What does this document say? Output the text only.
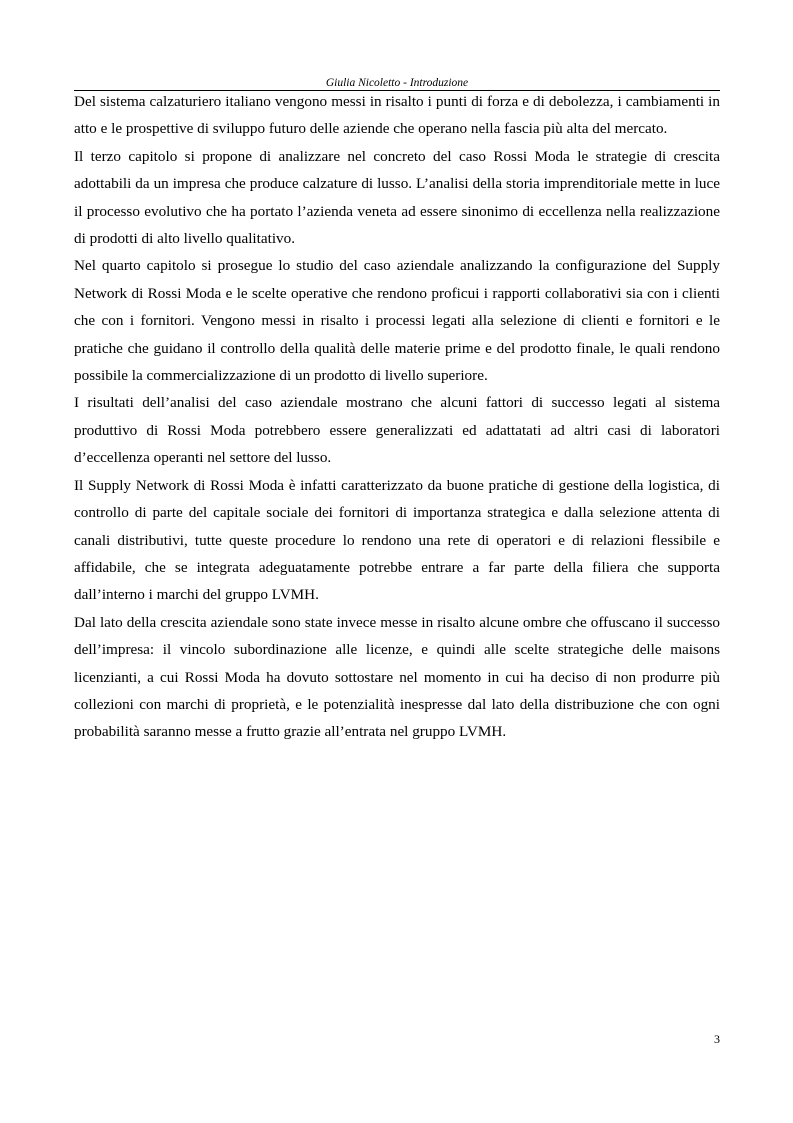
Giulia Nicoletto - Introduzione

Del sistema calzaturiero italiano vengono messi in risalto i punti di forza e di debolezza, i cambiamenti in atto e le prospettive di sviluppo futuro delle aziende che operano nella fascia più alta del mercato.

Il terzo capitolo si propone di analizzare nel concreto del caso Rossi Moda le strategie di crescita adottabili da un impresa che produce calzature di lusso. L’analisi della storia imprenditoriale mette in luce il processo evolutivo che ha portato l’azienda veneta ad essere sinonimo di eccellenza nella realizzazione di prodotti di alto livello qualitativo.

Nel quarto capitolo si prosegue lo studio del caso aziendale analizzando la configurazione del Supply Network di Rossi Moda e le scelte operative che rendono proficui i rapporti collaborativi sia con i clienti che con i fornitori. Vengono messi in risalto i processi legati alla selezione di clienti e fornitori e le pratiche che guidano il controllo della qualità delle materie prime e del prodotto finale, le quali rendono possibile la commercializzazione di un prodotto di livello superiore.

I risultati dell’analisi del caso aziendale mostrano che alcuni fattori di successo legati al sistema produttivo di Rossi Moda potrebbero essere generalizzati ed adattatati ad altri casi di laboratori d’eccellenza operanti nel settore del lusso.

Il Supply Network di Rossi Moda è infatti caratterizzato da buone pratiche di gestione della logistica, di controllo di parte del capitale sociale dei fornitori di importanza strategica e dalla selezione attenta di canali distributivi, tutte queste procedure lo rendono una rete di operatori e di relazioni flessibile e affidabile, che se integrata adeguatamente potrebbe entrare a far parte della filiera che supporta dall’interno i marchi del gruppo LVMH.

Dal lato della crescita aziendale sono state invece messe in risalto alcune ombre che offuscano il successo dell’impresa: il vincolo subordinazione alle licenze, e quindi alle scelte strategiche delle maisons licenzianti, a cui Rossi Moda ha dovuto sottostare nel momento in cui ha deciso di non produrre più collezioni con marchi di proprietà, e le potenzialità inespresse dal lato della distribuzione che con ogni probabilità saranno messe a frutto grazie all’entrata nel gruppo LVMH.

3
